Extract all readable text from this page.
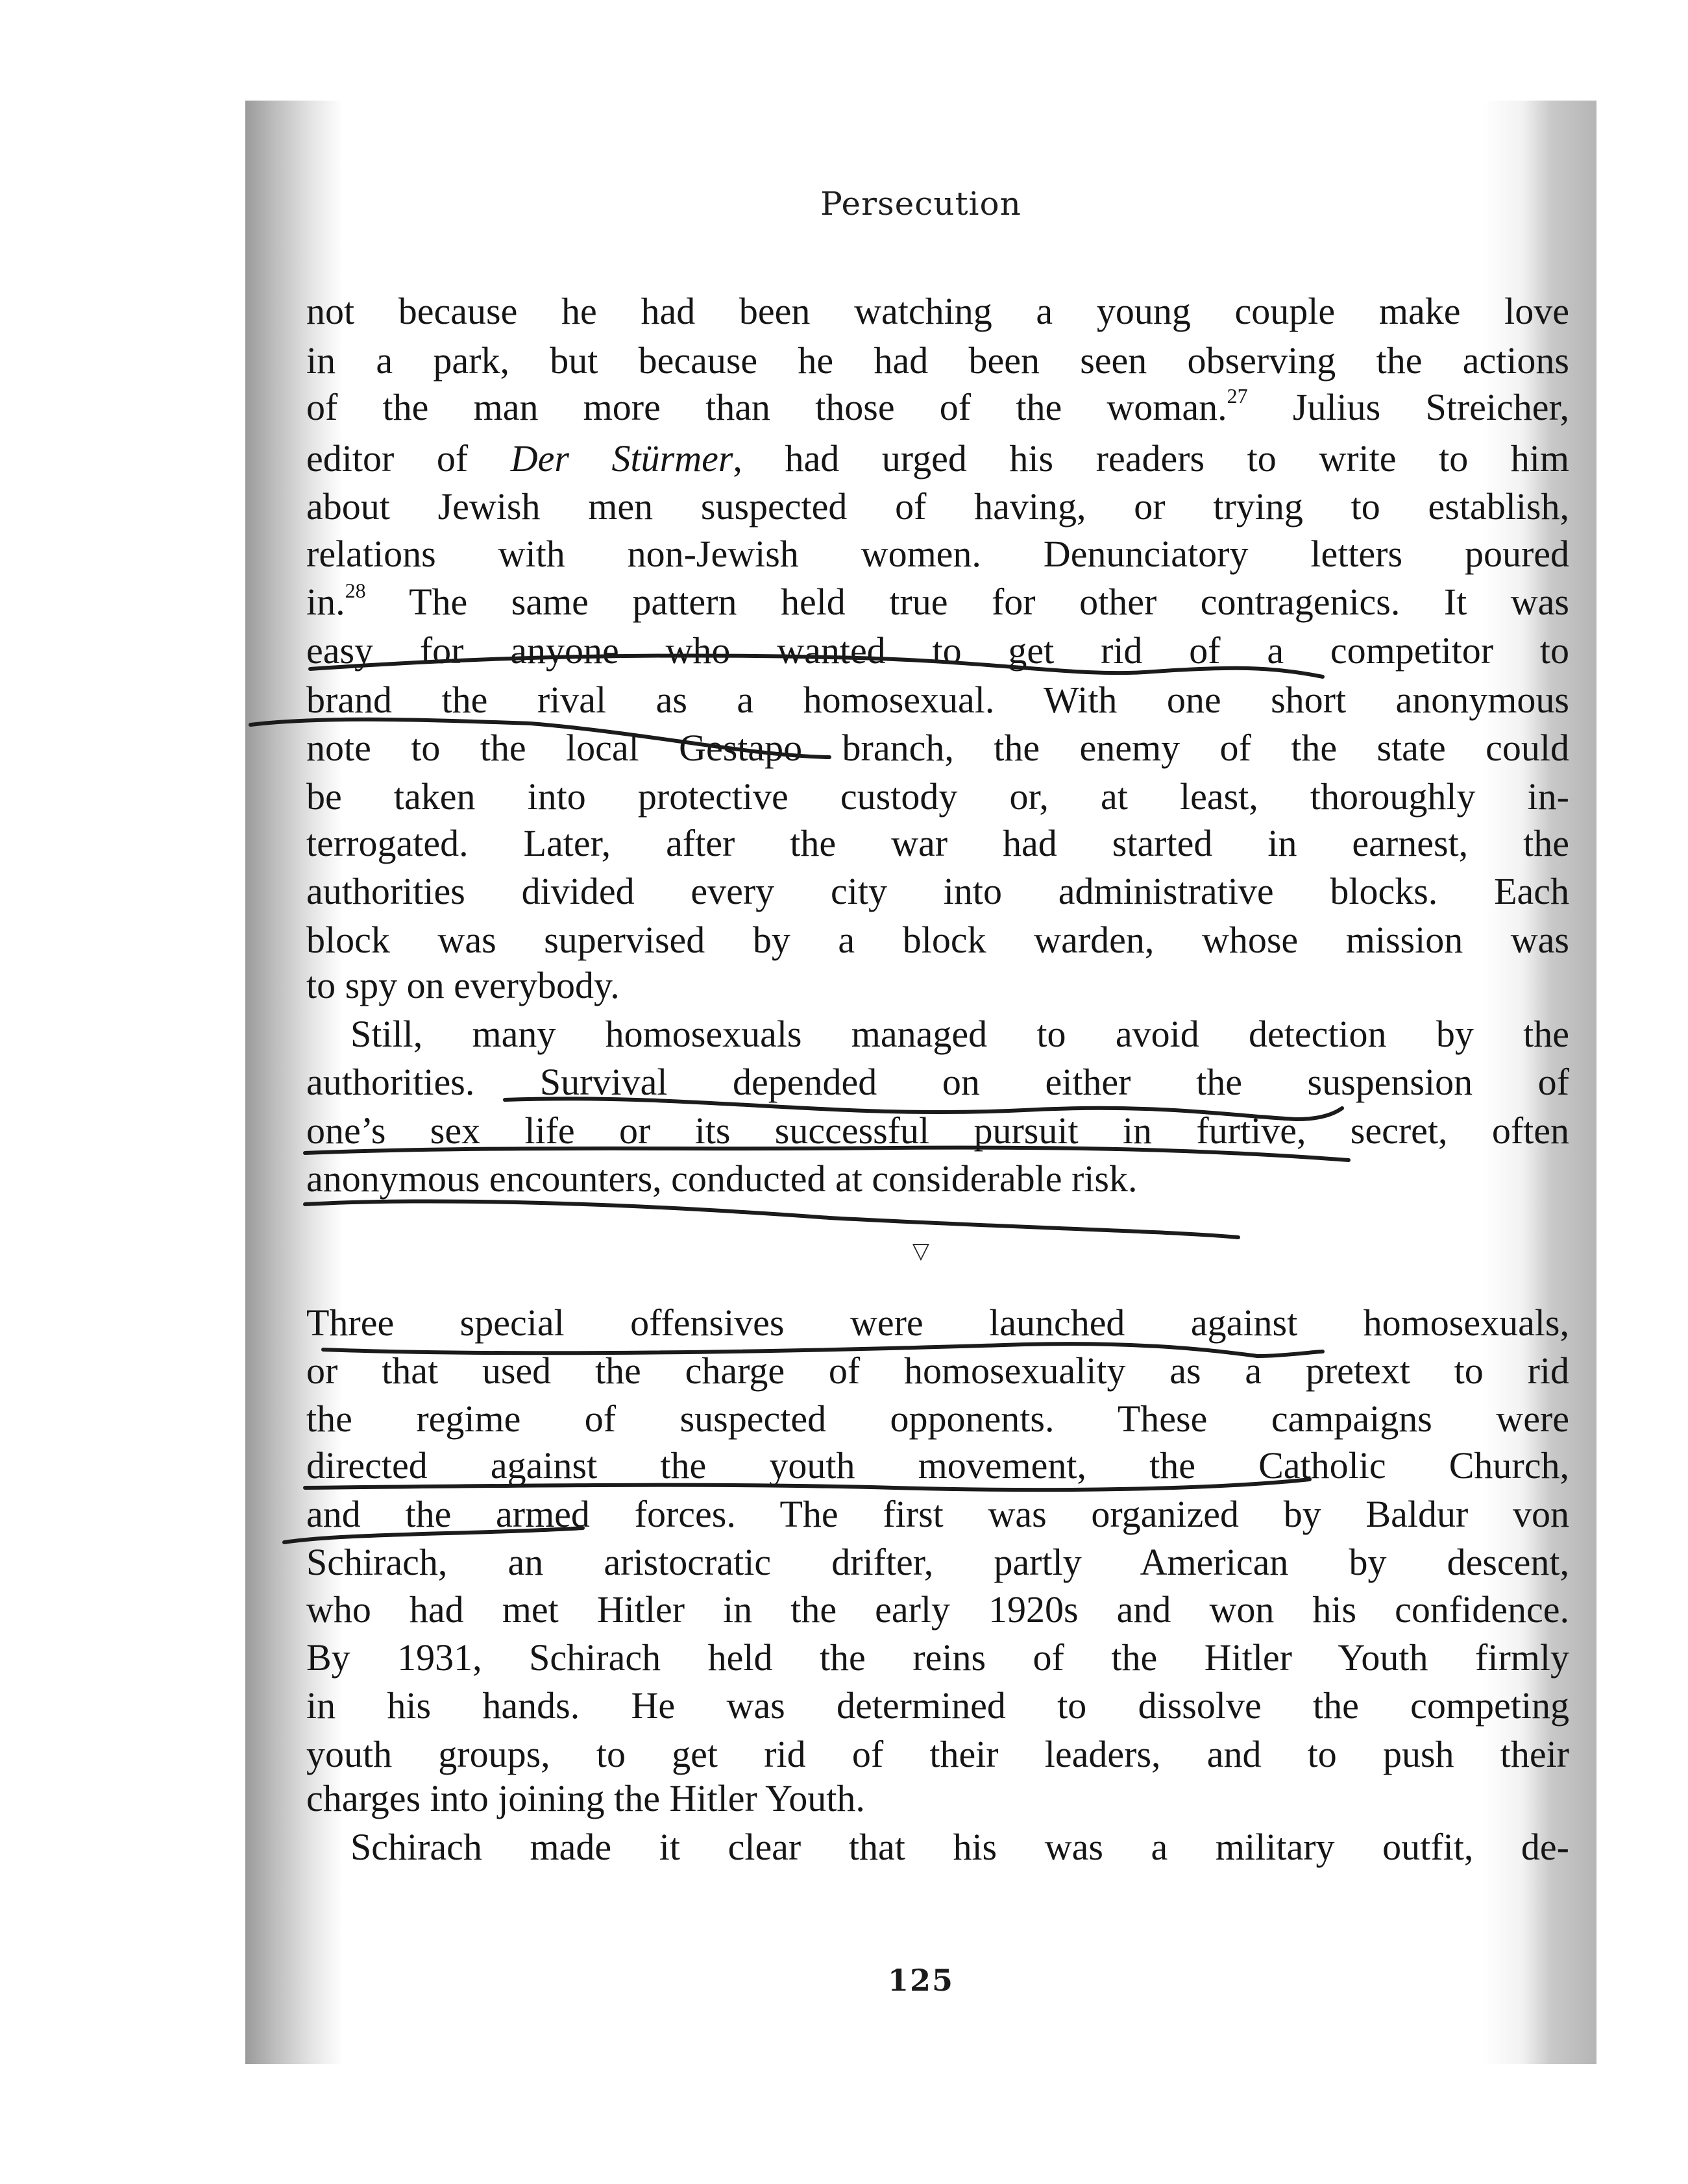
Persecution
not because he had been watching a young couple make love
in a park, but because he had been seen observing the actions
of the man more than those of the woman.$^{27}$ Julius Streicher,
editor of Der Stürmer, had urged his readers to write to him
about Jewish men suspected of having, or trying to establish,
relations with non-Jewish women. Denunciatory letters poured
in.$^{28}$ The same pattern held true for other contragenics. It was
easy for anyone who wanted to get rid of a competitor to
brand the rival as a homosexual. With one short anonymous
note to the local Gestapo branch, the enemy of the state could
be taken into protective custody or, at least, thoroughly in-
terrogated. Later, after the war had started in earnest, the
authorities divided every city into administrative blocks. Each
block was supervised by a block warden, whose mission was
to spy on everybody.
Still, many homosexuals managed to avoid detection by the
authorities. Survival depended on either the suspension of
one’s sex life or its successful pursuit in furtive, secret, often
anonymous encounters, conducted at considerable risk.
▽
Three special offensives were launched against homosexuals,
or that used the charge of homosexuality as a pretext to rid
the regime of suspected opponents. These campaigns were
directed against the youth movement, the Catholic Church,
and the armed forces. The first was organized by Baldur von
Schirach, an aristocratic drifter, partly American by descent,
who had met Hitler in the early 1920s and won his confidence.
By 1931, Schirach held the reins of the Hitler Youth firmly
in his hands. He was determined to dissolve the competing
youth groups, to get rid of their leaders, and to push their
charges into joining the Hitler Youth.
Schirach made it clear that his was a military outfit, de-
125
